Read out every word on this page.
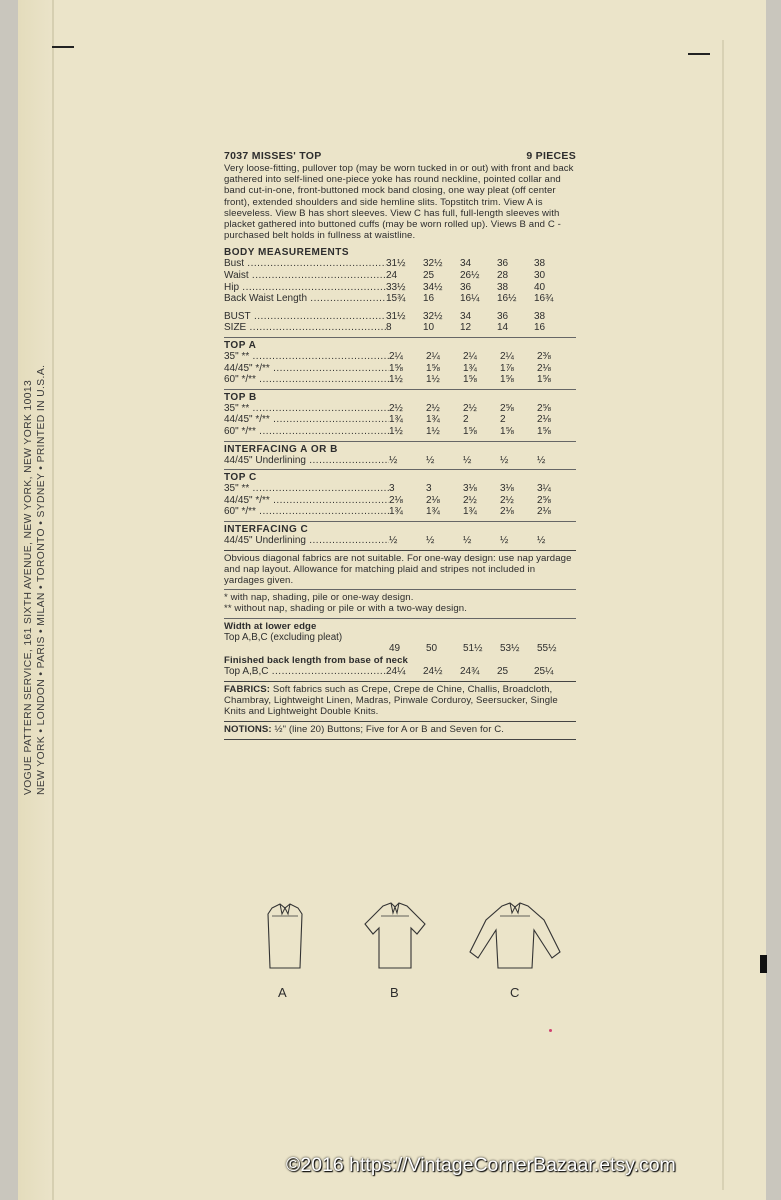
VOGUE PATTERN SERVICE, 161 SIXTH AVENUE, NEW YORK, NEW YORK 10013 NEW YORK • LONDON • PARIS • MILAN • TORONTO • SYDNEY • PRINTED IN U.S.A.
7037 MISSES' TOP	9 PIECES
Very loose-fitting, pullover top (may be worn tucked in or out) with front and back gathered into self-lined one-piece yoke has round neckline, pointed collar and band cut-in-one, front-buttoned mock band closing, one way pleat (off center front), extended shoulders and side hemline slits. Topstitch trim. View A is sleeveless. View B has short sleeves. View C has full, full-length sleeves with placket gathered into buttoned cuffs (may be worn rolled up). Views B and C - purchased belt holds in fullness at waistline.
BODY MEASUREMENTS
Bust .....	31½	32½	34	36	38
Waist .....	24	25	26½	28	30
Hip .....	33½	34½	36	38	40
Back Waist Length .....	15¾	16	16¼	16½	16¾
BUST .....	31½	32½	34	36	38
SIZE .....	8	10	12	14	16
TOP A
35" ** .....	2¼	2¼	2¼	2¼	2⅜
44/45" */** .....	1⅝	1⅝	1¾	1⅞	2⅛
60" */** .....	1½	1½	1⅝	1⅝	1⅝
TOP B
35" ** .....	2½	2½	2½	2⅝	2⅝
44/45" */** .....	1¾	1¾	2	2	2⅛
60" */** .....	1½	1½	1⅝	1⅝	1⅝
INTERFACING A OR B
44/45" Underlining .....	½	½	½	½	½
TOP C
35" ** .....	3	3	3⅛	3⅛	3¼
44/45" */** .....	2⅛	2⅛	2½	2½	2⅝
60" */** .....	1¾	1¾	1¾	2⅛	2⅛
INTERFACING C
44/45" Underlining .....	½	½	½	½	½
Obvious diagonal fabrics are not suitable. For one-way design: use nap yardage and nap layout. Allowance for matching plaid and stripes not included in yardages given.
* with nap, shading, pile or one-way design.
** without nap, shading or pile or with a two-way design.
Width at lower edge
Top A,B,C (excluding pleat)
49	50	51½	53½	55½
Finished back length from base of neck
Top A,B,C .....	24¼	24½	24¾	25	25¼
FABRICS: Soft fabrics such as Crepe, Crepe de Chine, Challis, Broadcloth, Chambray, Lightweight Linen, Madras, Pinwale Corduroy, Seersucker, Single Knits and Lightweight Double Knits.
NOTIONS: ½" (line 20) Buttons; Five for A or B and Seven for C.
A	B	C
©2016 https://VintageCornerBazaar.etsy.com
